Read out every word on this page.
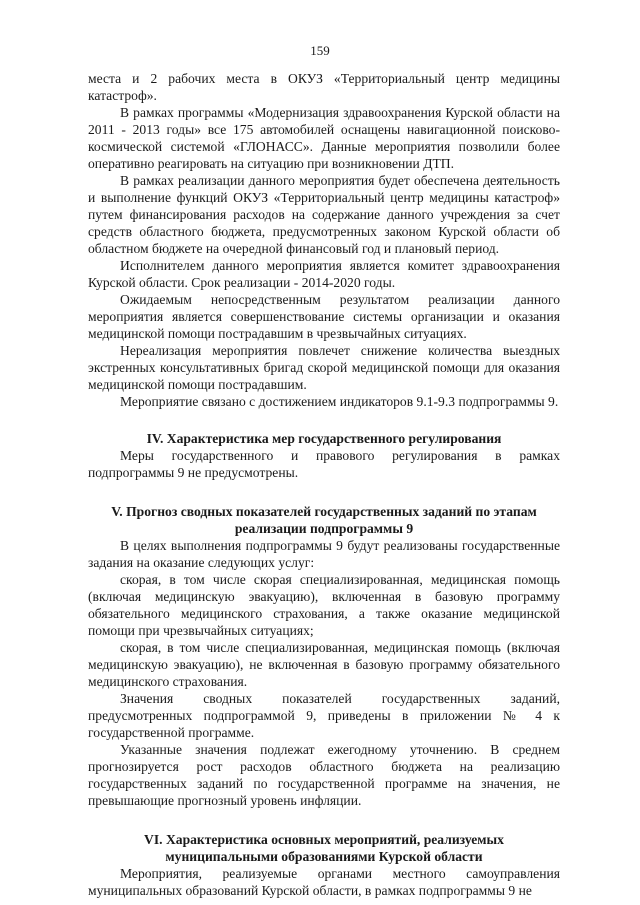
159

места и 2 рабочих места в ОКУЗ «Территориальный центр медицины катастроф».

В рамках программы «Модернизация здравоохранения Курской области на 2011 - 2013 годы» все 175 автомобилей оснащены навигационной поисково-космической системой «ГЛОНАСС». Данные мероприятия позволили более оперативно реагировать на ситуацию при возникновении ДТП.

В рамках реализации данного мероприятия будет обеспечена деятельность и выполнение функций ОКУЗ «Территориальный центр медицины катастроф» путем финансирования расходов на содержание данного учреждения за счет средств областного бюджета, предусмотренных законом Курской области об областном бюджете на очередной финансовый год и плановый период.

Исполнителем данного мероприятия является комитет здравоохранения Курской области. Срок реализации - 2014-2020 годы.

Ожидаемым непосредственным результатом реализации данного мероприятия является совершенствование системы организации и оказания медицинской помощи пострадавшим в чрезвычайных ситуациях.

Нереализация мероприятия повлечет снижение количества выездных экстренных консультативных бригад скорой медицинской помощи для оказания медицинской помощи пострадавшим.

Мероприятие связано с достижением индикаторов 9.1-9.3 подпрограммы 9.

IV. Характеристика мер государственного регулирования

Меры государственного и правового регулирования в рамках подпрограммы 9 не предусмотрены.

V. Прогноз сводных показателей государственных заданий по этапам реализации подпрограммы 9

В целях выполнения подпрограммы 9 будут реализованы государственные задания на оказание следующих услуг:

скорая, в том числе скорая специализированная, медицинская помощь (включая медицинскую эвакуацию), включенная в базовую программу обязательного медицинского страхования, а также оказание медицинской помощи при чрезвычайных ситуациях;

скорая, в том числе специализированная, медицинская помощь (включая медицинскую эвакуацию), не включенная в базовую программу обязательного медицинского страхования.

Значения сводных показателей государственных заданий, предусмотренных подпрограммой 9, приведены в приложении № 4 к государственной программе.

Указанные значения подлежат ежегодному уточнению. В среднем прогнозируется рост расходов областного бюджета на реализацию государственных заданий по государственной программе на значения, не превышающие прогнозный уровень инфляции.

VI. Характеристика основных мероприятий, реализуемых муниципальными образованиями Курской области

Мероприятия, реализуемые органами местного самоуправления муниципальных образований Курской области, в рамках подпрограммы 9 не
